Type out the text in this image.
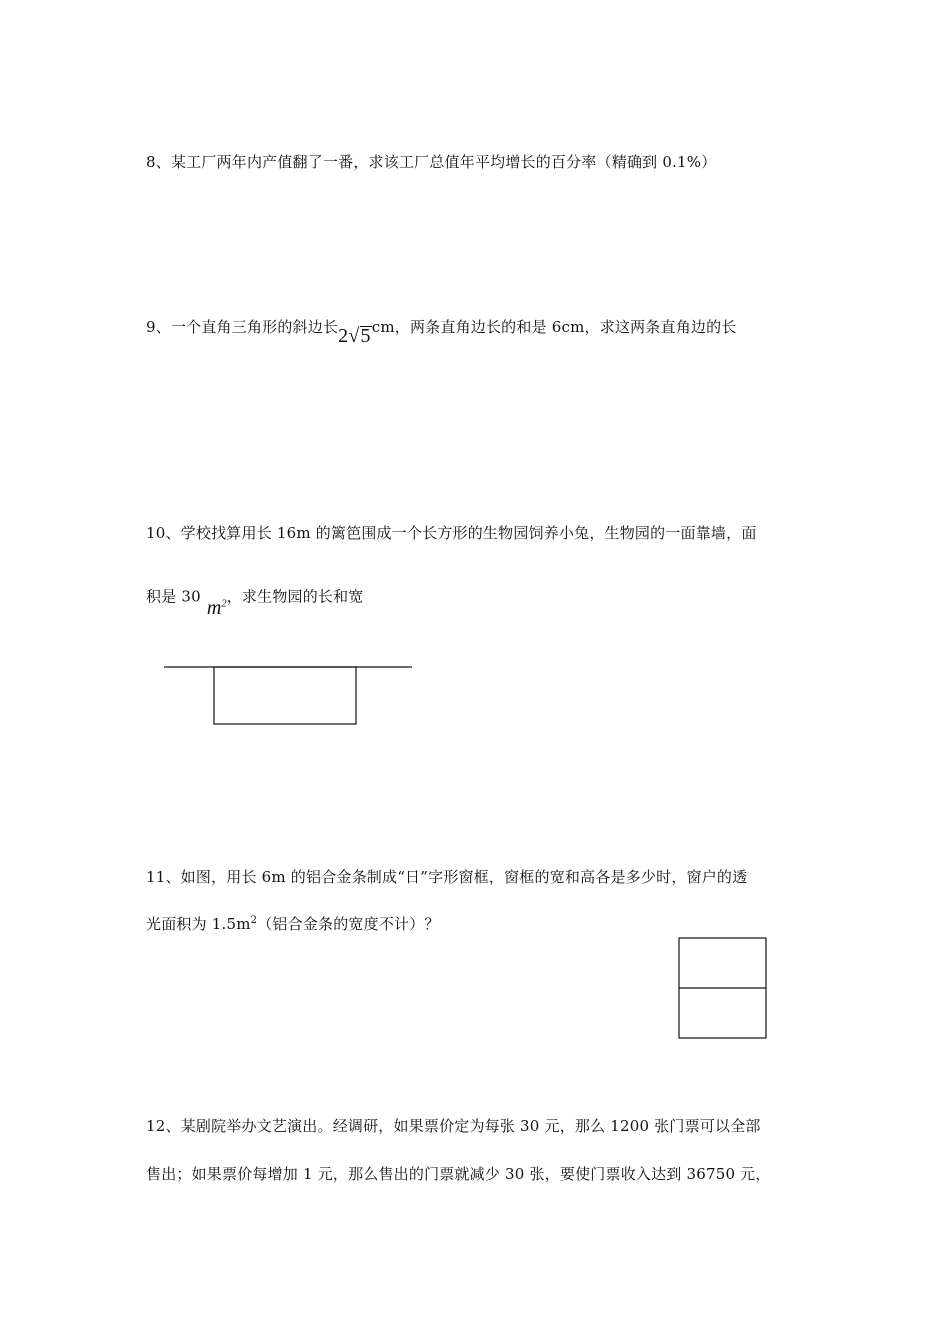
8、某工厂两年内产值翻了一番，求该工厂总值年平均增长的百分率（精确到 0.1%）
9、一个直角三角形的斜边长2√5cm，两条直角边长的和是 6cm，求这两条直角边的长
10、学校找算用长 16m 的篱笆围成一个长方形的生物园饲养小兔，生物园的一面靠墙，面
积是 30 $m^2$，求生物园的长和宽
11、如图，用长 6m 的铝合金条制成“日”字形窗框，窗框的宽和高各是多少时，窗户的透
光面积为 $1.5m^2$（铝合金条的宽度不计）？
12、某剧院举办文艺演出。经调研，如果票价定为每张 30 元，那么 1200 张门票可以全部
售出；如果票价每增加 1 元，那么售出的门票就减少 30 张，要使门票收入达到 36750 元，
